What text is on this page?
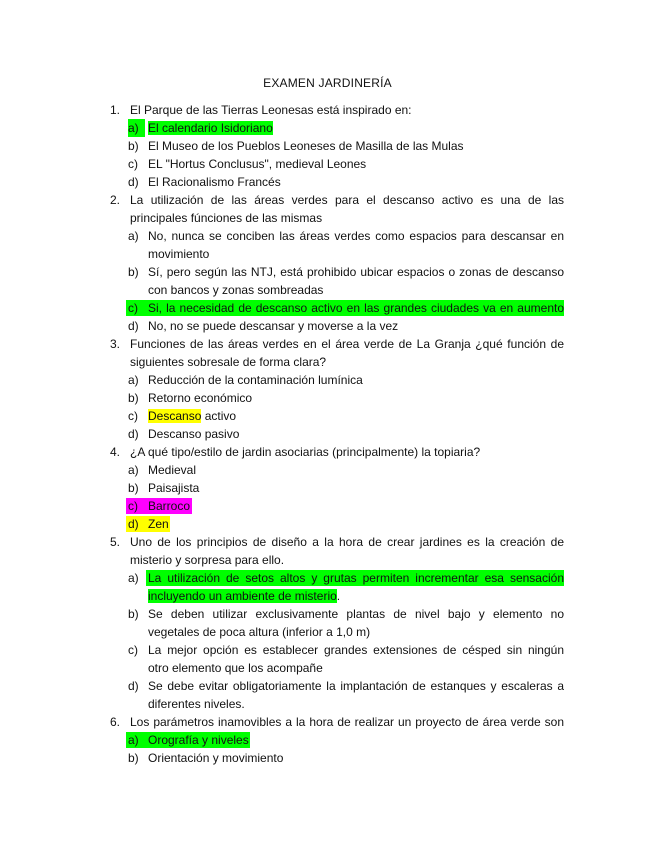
EXAMEN JARDINERÍA
1. El Parque de las Tierras Leonesas está inspirado en:
a) El calendario Isidoriano
b) El Museo de los Pueblos Leoneses de Masilla de las Mulas
c) EL "Hortus Conclusus", medieval Leones
d) El Racionalismo Francés
2. La utilización de las áreas verdes para el descanso activo es una de las
principales fúnciones de las mismas
a) No, nunca se conciben las áreas verdes como espacios para descansar en
movimiento
b) Sí, pero según las NTJ, está prohibido ubicar espacios o zonas de descanso
con bancos y zonas sombreadas
c) Si, la necesidad de descanso activo en las grandes ciudades va en aumento
d) No, no se puede descansar y moverse a la vez
3. Funciones de las áreas verdes en el área verde de La Granja ¿qué función de
siguientes sobresale de forma clara?
a) Reducción de la contaminación lumínica
b) Retorno económico
c) Descanso activo
d) Descanso pasivo
4. ¿A qué tipo/estilo de jardin asociarias (principalmente) la topiaria?
a) Medieval
b) Paisajista
c) Barroco
d) Zen
5. Uno de los principios de diseño a la hora de crear jardines es la creación de
misterio y sorpresa para ello.
a) La utilización de setos altos y grutas permiten incrementar esa sensación
incluyendo un ambiente de misterio.
b) Se deben utilizar exclusivamente plantas de nivel bajo y elemento no
vegetales de poca altura (inferior a 1,0 m)
c) La mejor opción es establecer grandes extensiones de césped sin ningún
otro elemento que los acompañe
d) Se debe evitar obligatoriamente la implantación de estanques y escaleras a
diferentes niveles.
6. Los parámetros inamovibles a la hora de realizar un proyecto de área verde son
a) Orografía y niveles
b) Orientación y movimiento
